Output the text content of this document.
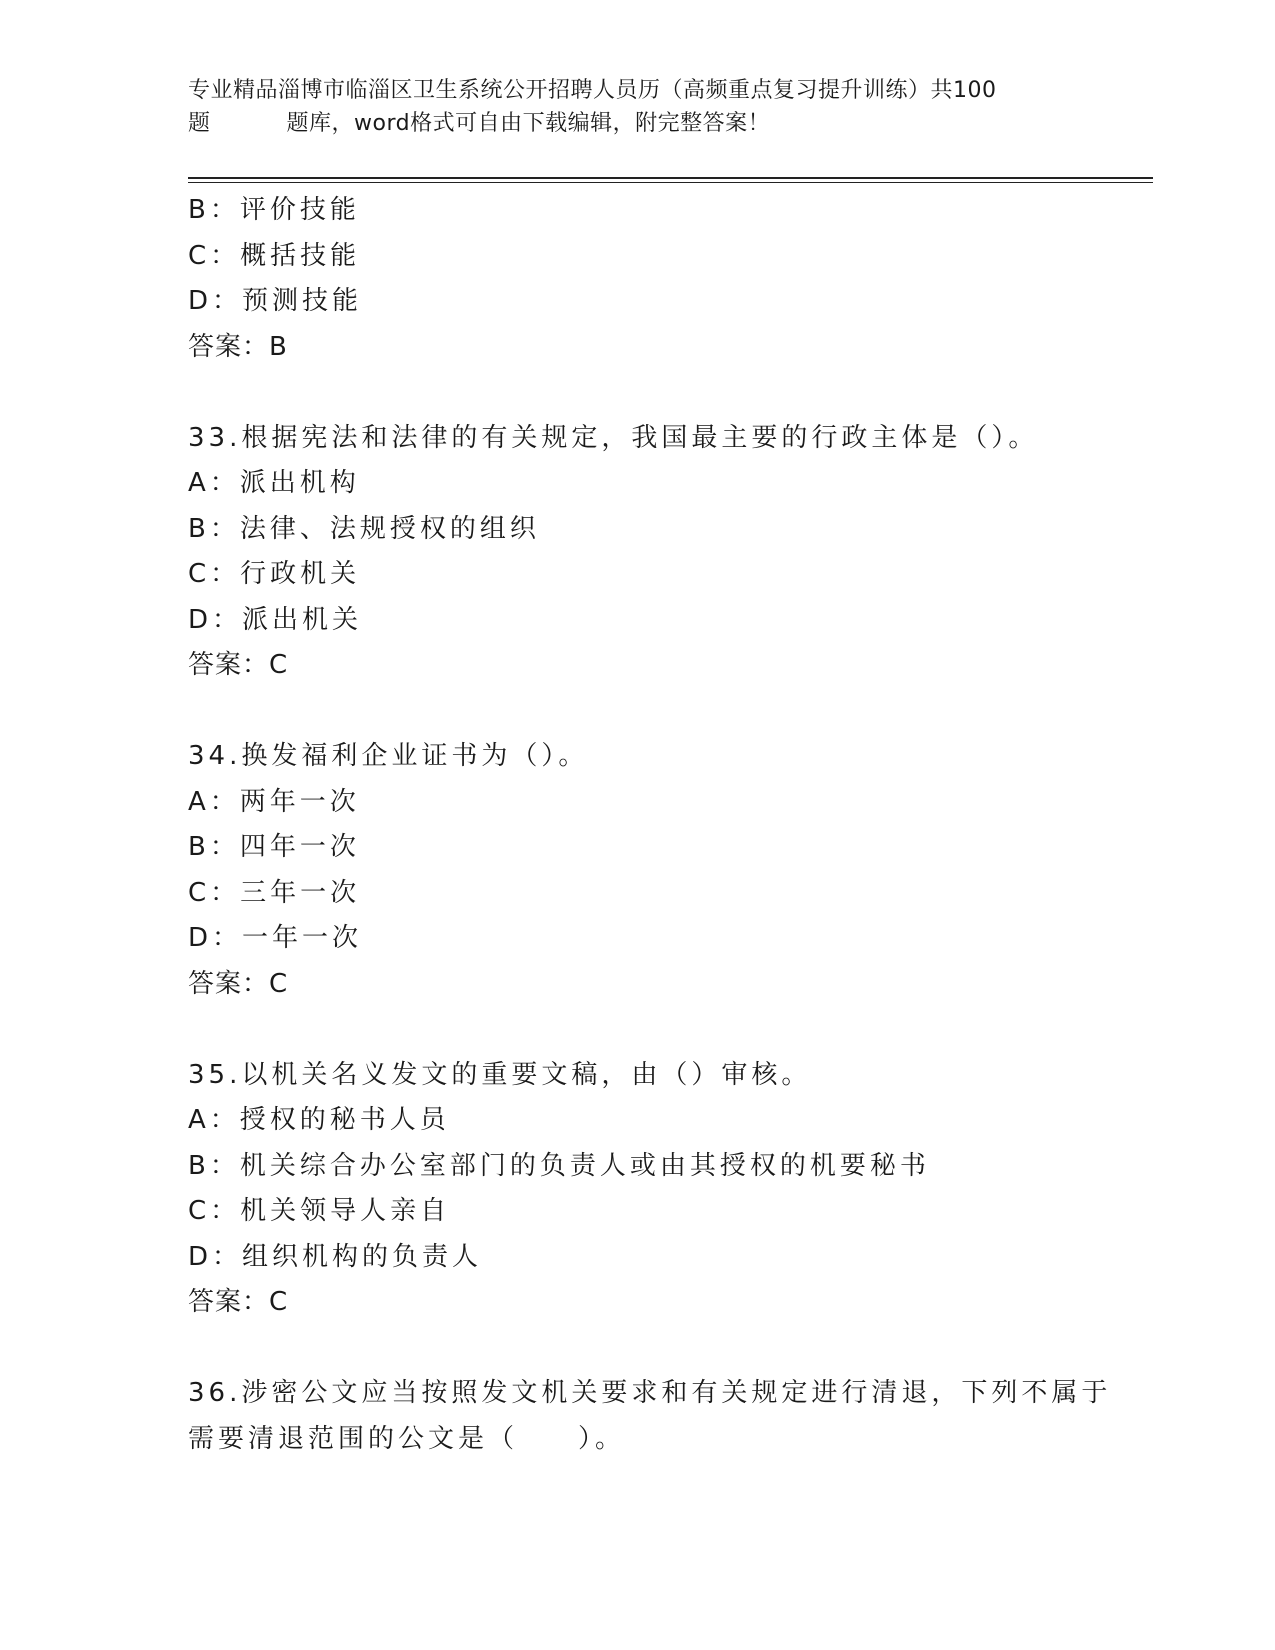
专业精品淄博市临淄区卫生系统公开招聘人员历（高频重点复习提升训练）共100
题	题库，word格式可自由下载编辑，附完整答案！
B：评价技能
C：概括技能
D：预测技能
答案：B
33.根据宪法和法律的有关规定，我国最主要的行政主体是（）。
A：派出机构
B：法律、法规授权的组织
C：行政机关
D：派出机关
答案：C
34.换发福利企业证书为（）。
A：两年一次
B：四年一次
C：三年一次
D：一年一次
答案：C
35.以机关名义发文的重要文稿，由（）审核。
A：授权的秘书人员
B：机关综合办公室部门的负责人或由其授权的机要秘书
C：机关领导人亲自
D：组织机构的负责人
答案：C
36.涉密公文应当按照发文机关要求和有关规定进行清退，下列不属于
需要清退范围的公文是（　　）。
